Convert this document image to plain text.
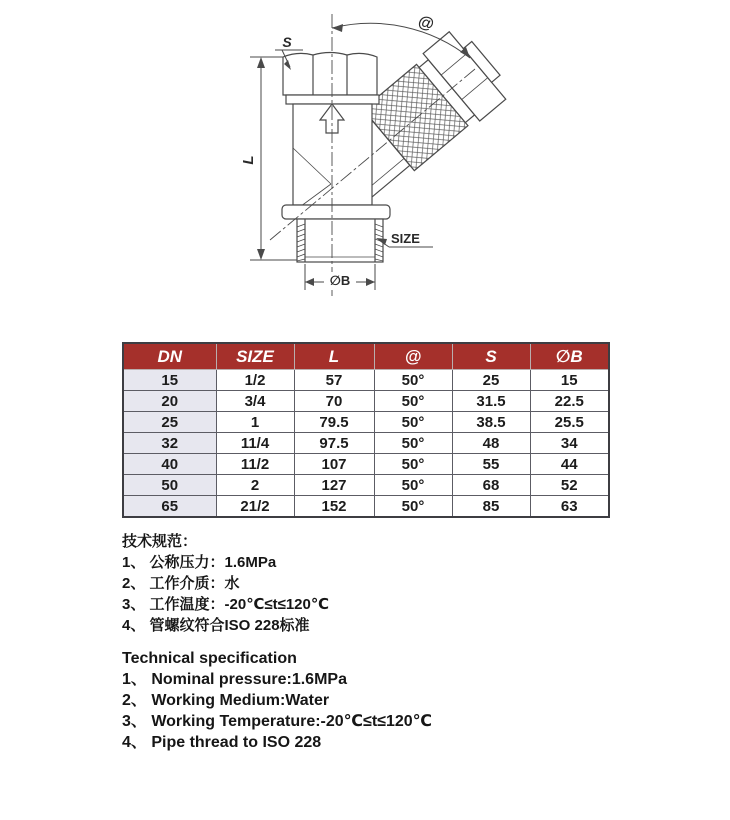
S
@
L
SIZE
∅B
DN	SIZE	L	@	S	∅B
15	1/2	57	50°	25	15
20	3/4	70	50°	31.5	22.5
25	1	79.5	50°	38.5	25.5
32	11/4	97.5	50°	48	34
40	11/2	107	50°	55	44
50	2	127	50°	68	52
65	21/2	152	50°	85	63
技术规范：
1、 公称压力：1.6MPa
2、 工作介质：水
3、 工作温度：-20℃≤t≤120℃
4、 管螺纹符合ISO 228标准
Technical specification
1、 Nominal pressure:1.6MPa
2、 Working Medium:Water
3、 Working Temperature:-20℃≤t≤120℃
4、 Pipe thread to ISO 228
